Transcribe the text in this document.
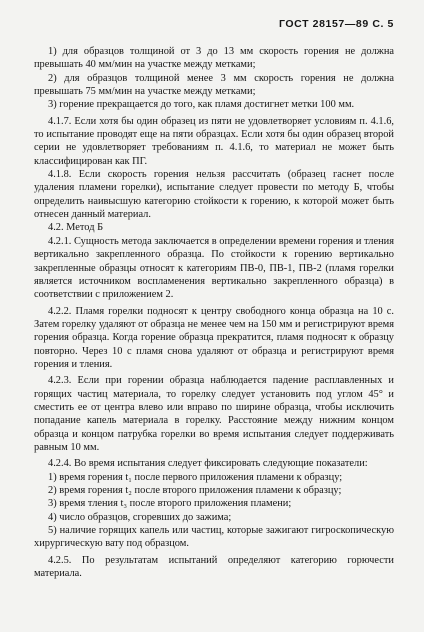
ГОСТ 28157—89 С. 5

1) для образцов толщиной от 3 до 13 мм скорость горения не должна превышать 40 мм/мин на участке между метками;

2) для образцов толщиной менее 3 мм скорость горения не должна превышать 75 мм/мин на участке между метками;

3) горение прекращается до того, как пламя достигнет метки 100 мм.

4.1.7. Если хотя бы один образец из пяти не удовлетворяет условиям п. 4.1.6, то испытание проводят еще на пяти образцах. Если хотя бы один образец второй серии не удовлетворяет требованиям п. 4.1.6, то материал не может быть классифицирован как ПГ.

4.1.8. Если скорость горения нельзя рассчитать (образец гаснет после удаления пламени горелки), испытание следует провести по методу Б, чтобы определить наивысшую категорию стойкости к горению, к которой может быть отнесен данный материал.

4.2. Метод Б

4.2.1. Сущность метода заключается в определении времени горения и тления вертикально закрепленного образца. По стойкости к горению вертикально закрепленные образцы относят к категориям ПВ-0, ПВ-1, ПВ-2 (пламя горелки является источником воспламенения вертикально закрепленного образца) в соответствии с приложением 2.

4.2.2. Пламя горелки подносят к центру свободного конца образца на 10 с. Затем горелку удаляют от образца не менее чем на 150 мм и регистрируют время горения образца. Когда горение образца прекратится, пламя подносят к образцу повторно. Через 10 с пламя снова удаляют от образца и регистрируют время горения и тления.

4.2.3. Если при горении образца наблюдается падение расплавленных и горящих частиц материала, то горелку следует установить под углом 45° и сместить ее от центра влево или вправо по ширине образца, чтобы исключить попадание капель материала в горелку. Расстояние между нижним концом образца и концом патрубка горелки во время испытания следует поддерживать равным 10 мм.

4.2.4. Во время испытания следует фиксировать следующие показатели:

1) время горения t₁ после первого приложения пламени к образцу;

2) время горения t₂ после второго приложения пламени к образцу;

3) время тления t₃ после второго приложения пламени;

4) число образцов, сгоревших до зажима;

5) наличие горящих капель или частиц, которые зажигают гигроскопическую хирургическую вату под образцом.

4.2.5. По результатам испытаний определяют категорию горючести материала.
